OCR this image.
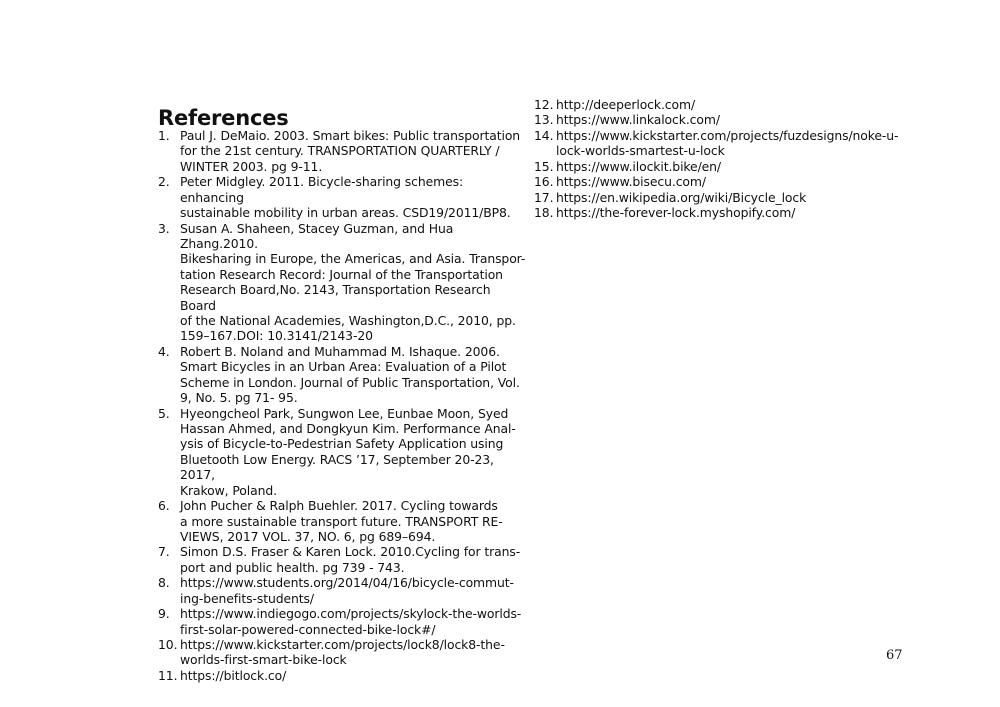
References
1. Paul J. DeMaio. 2003. Smart bikes: Public transportation
for the 21st century. TRANSPORTATION QUARTERLY /
WINTER 2003. pg 9-11.
2. Peter Midgley. 2011. Bicycle-sharing schemes: enhancing
sustainable mobility in urban areas. CSD19/2011/BP8.
3. Susan A. Shaheen, Stacey Guzman, and Hua Zhang.2010.
Bikesharing in Europe, the Americas, and Asia. Transpor-
tation Research Record: Journal of the Transportation
Research Board,No. 2143, Transportation Research Board
of the National Academies, Washington,D.C., 2010, pp.
159–167.DOI: 10.3141/2143-20
4. Robert B. Noland and Muhammad M. Ishaque. 2006.
Smart Bicycles in an Urban Area: Evaluation of a Pilot
Scheme in London. Journal of Public Transportation, Vol.
9, No. 5. pg 71- 95.
5. Hyeongcheol Park, Sungwon Lee, Eunbae Moon, Syed
Hassan Ahmed, and Dongkyun Kim. Performance Anal-
ysis of Bicycle-to-Pedestrian Safety Application using
Bluetooth Low Energy. RACS ’17, September 20-23, 2017,
Krakow, Poland.
6. John Pucher & Ralph Buehler. 2017. Cycling towards
a more sustainable transport future. TRANSPORT RE-
VIEWS, 2017 VOL. 37, NO. 6, pg 689–694.
7. Simon D.S. Fraser & Karen Lock. 2010.Cycling for trans-
port and public health. pg 739 - 743.
8. https://www.students.org/2014/04/16/bicycle-commut-
ing-benefits-students/
9. https://www.indiegogo.com/projects/skylock-the-worlds-
first-solar-powered-connected-bike-lock#/
10. https://www.kickstarter.com/projects/lock8/lock8-the-
worlds-first-smart-bike-lock
11. https://bitlock.co/
12. http://deeperlock.com/
13. https://www.linkalock.com/
14. https://www.kickstarter.com/projects/fuzdesigns/noke-u-
lock-worlds-smartest-u-lock
15. https://www.ilockit.bike/en/
16. https://www.bisecu.com/
17. https://en.wikipedia.org/wiki/Bicycle_lock
18. https://the-forever-lock.myshopify.com/
67
